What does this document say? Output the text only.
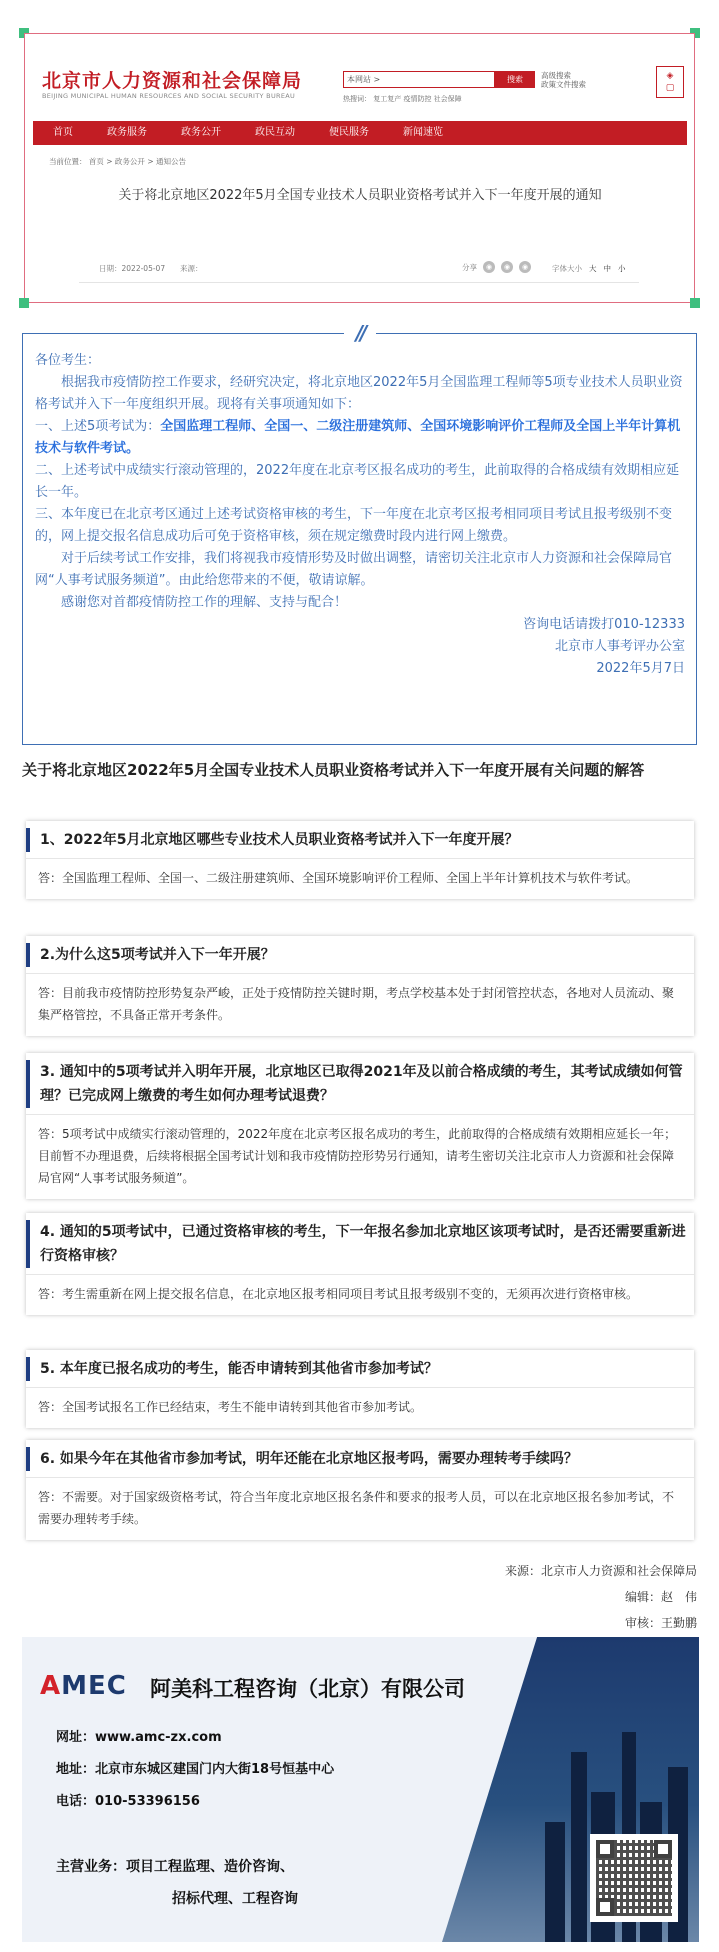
北京市人力资源和社会保障局
BEIJING MUNICIPAL HUMAN RESOURCES AND SOCIAL SECURITY BUREAU
本网站 >	搜索	高级搜索
政策文件搜索
热搜词： 复工复产 疫情防控 社会保障
◈
▢
首页	政务服务	政务公开	政民互动	便民服务	新闻速览
当前位置： 首页 > 政务公开 > 通知公告
关于将北京地区2022年5月全国专业技术人员职业资格考试并入下一年度开展的通知
日期：2022-05-07 来源：	分享	◉	◉	◉	字体大小 大 中 小

各位考生：

根据我市疫情防控工作要求，经研究决定，将北京地区2022年5月全国监理工程师等5项专业技术人员职业资格考试并入下一年度组织开展。现将有关事项通知如下：

一、上述5项考试为：全国监理工程师、全国一、二级注册建筑师、全国环境影响评价工程师及全国上半年计算机技术与软件考试。

二、上述考试中成绩实行滚动管理的，2022年度在北京考区报名成功的考生，此前取得的合格成绩有效期相应延长一年。

三、本年度已在北京考区通过上述考试资格审核的考生，下一年度在北京考区报考相同项目考试且报考级别不变的，网上提交报名信息成功后可免于资格审核，须在规定缴费时段内进行网上缴费。

对于后续考试工作安排，我们将视我市疫情形势及时做出调整，请密切关注北京市人力资源和社会保障局官网“人事考试服务频道”。由此给您带来的不便，敬请谅解。

感谢您对首都疫情防控工作的理解、支持与配合！

咨询电话请拨打010-12333

北京市人事考评办公室

2022年5月7日

//
关于将北京地区2022年5月全国专业技术人员职业资格考试并入下一年度开展有关问题的解答
1、2022年5月北京地区哪些专业技术人员职业资格考试并入下一年度开展？
答：全国监理工程师、全国一、二级注册建筑师、全国环境影响评价工程师、全国上半年计算机技术与软件考试。
2.为什么这5项考试并入下一年开展？
答：目前我市疫情防控形势复杂严峻，正处于疫情防控关键时期，考点学校基本处于封闭管控状态，各地对人员流动、聚集严格管控，不具备正常开考条件。
3. 通知中的5项考试并入明年开展，北京地区已取得2021年及以前合格成绩的考生，其考试成绩如何管理？已完成网上缴费的考生如何办理考试退费？
答：5项考试中成绩实行滚动管理的，2022年度在北京考区报名成功的考生，此前取得的合格成绩有效期相应延长一年；目前暂不办理退费，后续将根据全国考试计划和我市疫情防控形势另行通知，请考生密切关注北京市人力资源和社会保障局官网“人事考试服务频道”。
4. 通知的5项考试中，已通过资格审核的考生，下一年报名参加北京地区该项考试时，是否还需要重新进行资格审核？
答：考生需重新在网上提交报名信息，在北京地区报考相同项目考试且报考级别不变的，无须再次进行资格审核。
5. 本年度已报名成功的考生，能否申请转到其他省市参加考试？
答：全国考试报名工作已经结束，考生不能申请转到其他省市参加考试。
6. 如果今年在其他省市参加考试，明年还能在北京地区报考吗，需要办理转考手续吗？
答：不需要。对于国家级资格考试，符合当年度北京地区报名条件和要求的报考人员，可以在北京地区报名参加考试，不需要办理转考手续。
来源：北京市人力资源和社会保障局
编辑：赵　伟
审核：王勤鹏
AMEC 阿美科工程咨询（北京）有限公司
网址：www.amc-zx.com
地址：北京市东城区建国门内大街18号恒基中心
电话：010-53396156
主营业务：项目工程监理、造价咨询、
招标代理、工程咨询
